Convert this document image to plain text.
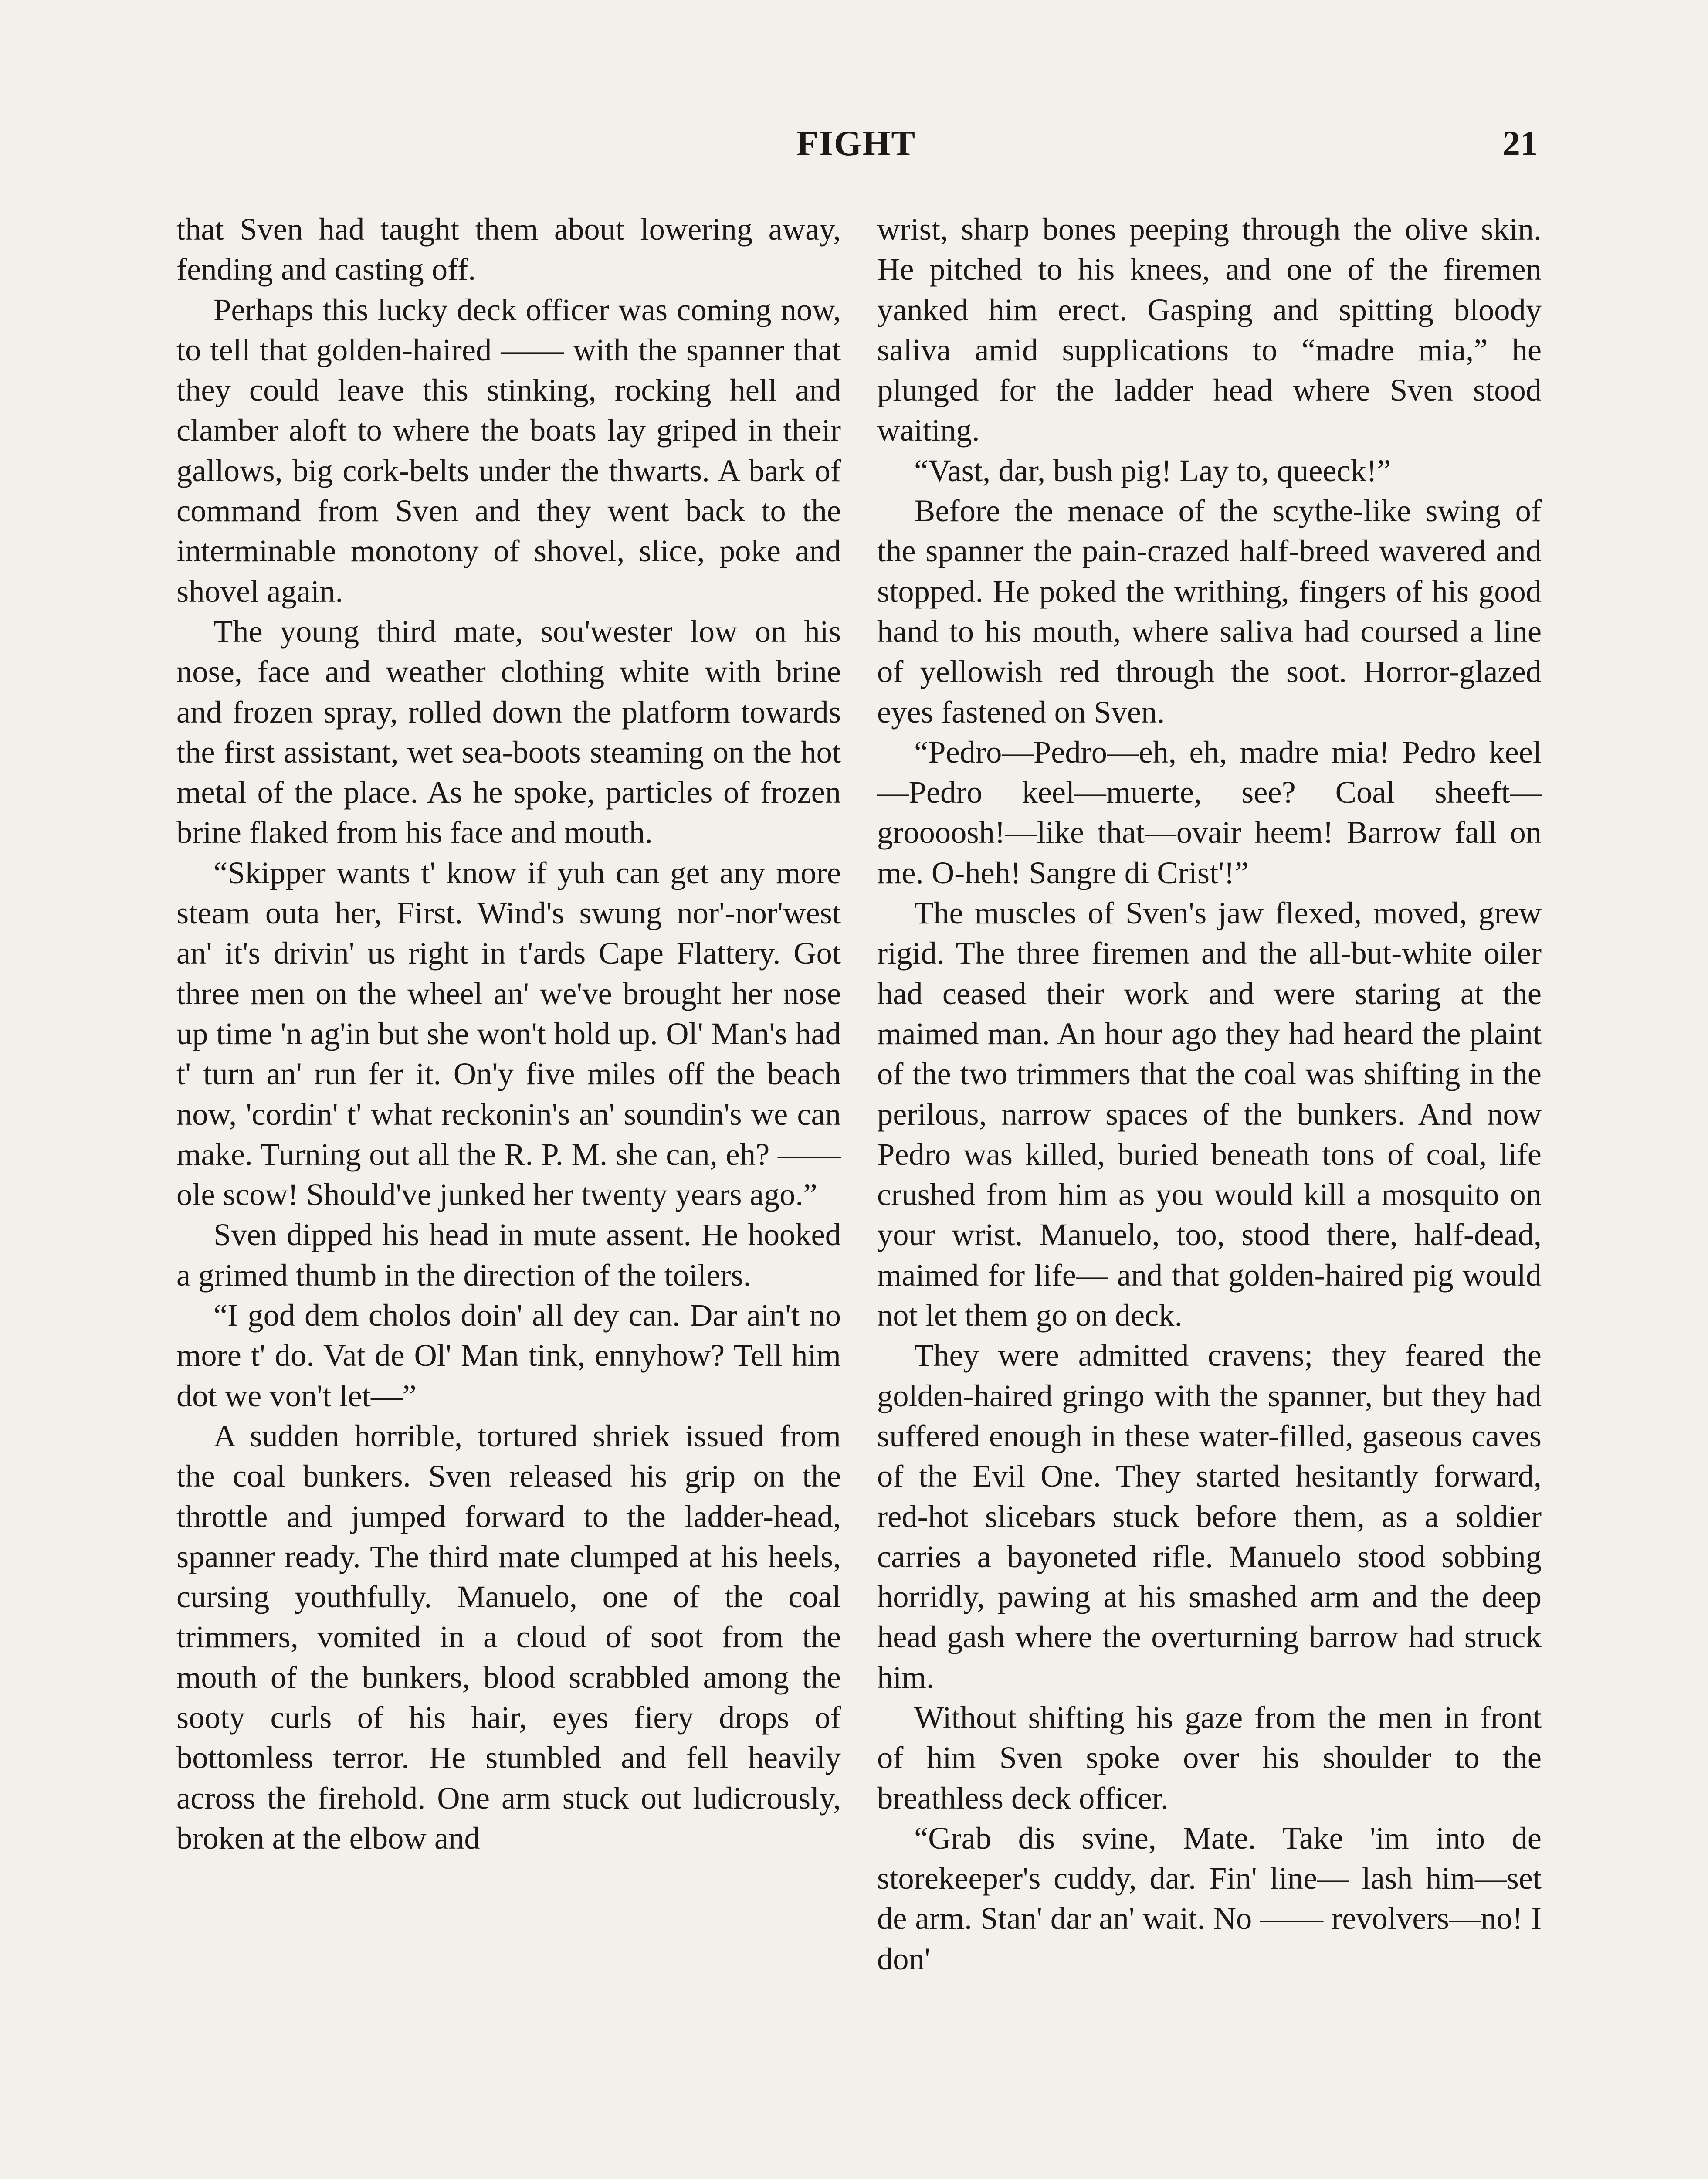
FIGHT	21

that Sven had taught them about lowering away, fending and casting off.

Perhaps this lucky deck officer was coming now, to tell that golden-haired —— with the spanner that they could leave this stinking, rocking hell and clamber aloft to where the boats lay griped in their gallows, big cork-belts under the thwarts. A bark of command from Sven and they went back to the interminable monotony of shovel, slice, poke and shovel again.

The young third mate, sou'wester low on his nose, face and weather clothing white with brine and frozen spray, rolled down the platform towards the first assistant, wet sea-boots steaming on the hot metal of the place. As he spoke, particles of frozen brine flaked from his face and mouth.

“Skipper wants t' know if yuh can get any more steam outa her, First. Wind's swung nor'-nor'west an' it's drivin' us right in t'ards Cape Flattery. Got three men on the wheel an' we've brought her nose up time 'n ag'in but she won't hold up. Ol' Man's had t' turn an' run fer it. On'y five miles off the beach now, 'cordin' t' what reckonin's an' soundin's we can make. Turning out all the R. P. M. she can, eh? —— ole scow! Should've junked her twenty years ago.”

Sven dipped his head in mute assent. He hooked a grimed thumb in the direction of the toilers.

“I god dem cholos doin' all dey can. Dar ain't no more t' do. Vat de Ol' Man tink, ennyhow? Tell him dot we von't let—”

A sudden horrible, tortured shriek issued from the coal bunkers. Sven released his grip on the throttle and jumped forward to the ladder-head, spanner ready. The third mate clumped at his heels, cursing youthfully. Manuelo, one of the coal trimmers, vomited in a cloud of soot from the mouth of the bunkers, blood scrabbled among the sooty curls of his hair, eyes fiery drops of bottomless terror. He stumbled and fell heavily across the firehold. One arm stuck out ludicrously, broken at the elbow and

wrist, sharp bones peeping through the olive skin. He pitched to his knees, and one of the firemen yanked him erect. Gasping and spitting bloody saliva amid supplications to “madre mia,” he plunged for the ladder head where Sven stood waiting.

“Vast, dar, bush pig! Lay to, queeck!”

Before the menace of the scythe-like swing of the spanner the pain-crazed half-breed wavered and stopped. He poked the writhing, fingers of his good hand to his mouth, where saliva had coursed a line of yellowish red through the soot. Horror-glazed eyes fastened on Sven.

“Pedro—Pedro—eh, eh, madre mia! Pedro keel—Pedro keel—muerte, see? Coal sheeft—groooosh!—like that—ovair heem! Barrow fall on me. O-heh! Sangre di Crist'!”

The muscles of Sven's jaw flexed, moved, grew rigid. The three firemen and the all-but-white oiler had ceased their work and were staring at the maimed man. An hour ago they had heard the plaint of the two trimmers that the coal was shifting in the perilous, narrow spaces of the bunkers. And now Pedro was killed, buried beneath tons of coal, life crushed from him as you would kill a mosquito on your wrist. Manuelo, too, stood there, half-dead, maimed for life— and that golden-haired pig would not let them go on deck.

They were admitted cravens; they feared the golden-haired gringo with the spanner, but they had suffered enough in these water-filled, gaseous caves of the Evil One. They started hesitantly forward, red-hot slicebars stuck before them, as a soldier carries a bayoneted rifle. Manuelo stood sobbing horridly, pawing at his smashed arm and the deep head gash where the overturning barrow had struck him.

Without shifting his gaze from the men in front of him Sven spoke over his shoulder to the breathless deck officer.

“Grab dis svine, Mate. Take 'im into de storekeeper's cuddy, dar. Fin' line— lash him—set de arm. Stan' dar an' wait. No —— revolvers—no! I don'
